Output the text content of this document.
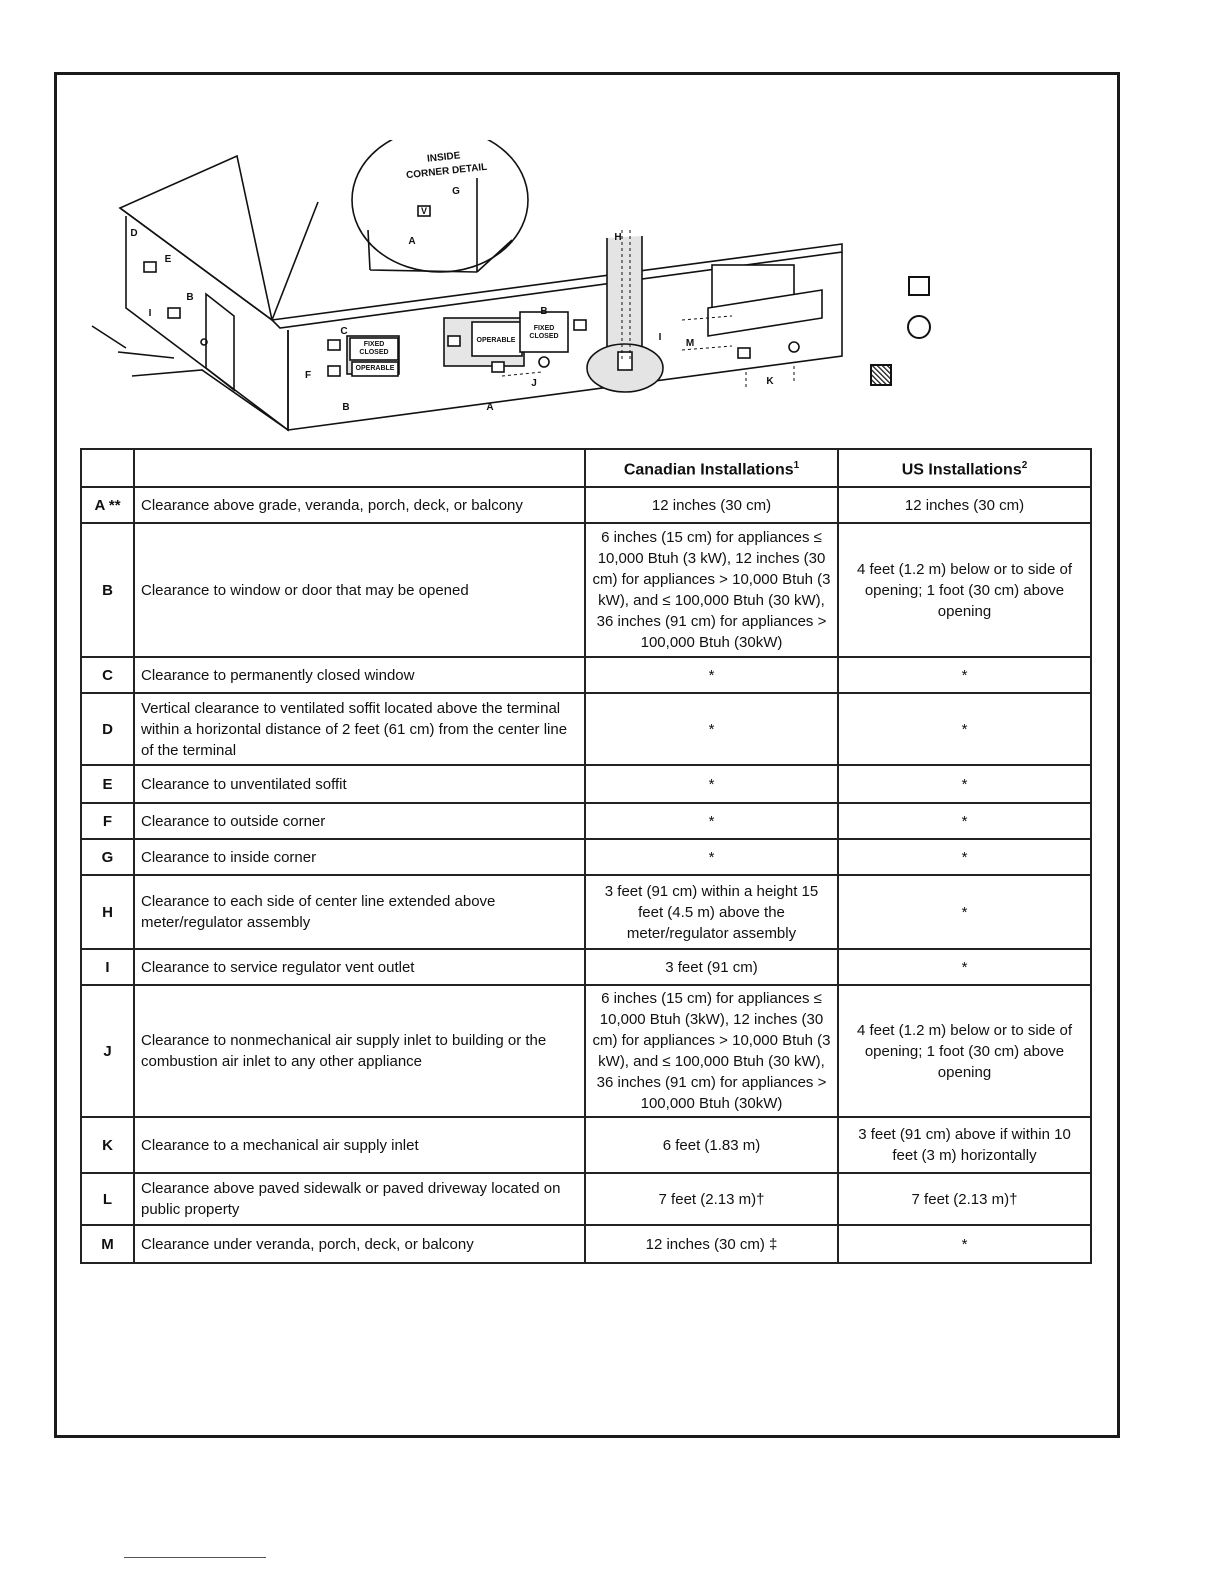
INSIDE
CORNER DETAIL
V
G
A
D
E
B
I
F
C
B	A
J
H
I
M
K
B
FIXED
CLOSED
OPERABLE
OPERABLE
FIXED
CLOSED
		Canadian Installations$^1$	US Installations$^2$
A **	Clearance above grade, veranda, porch, deck, or balcony	12 inches (30 cm)	12 inches (30 cm)
B	Clearance to window or door that may be opened	6 inches (15 cm) for appliances ≤ 10,000 Btuh (3 kW), 12 inches (30 cm) for appliances > 10,000 Btuh (3 kW), and ≤ 100,000 Btuh (30 kW), 36 inches (91 cm) for appliances > 100,000 Btuh (30kW)	4 feet (1.2 m) below or to side of opening; 1 foot (30 cm) above opening
C	Clearance to permanently closed window	*	*
D	Vertical clearance to ventilated soffit located above the terminal within a horizontal distance of 2 feet (61 cm) from the center line of the terminal	*	*
E	Clearance to unventilated soffit	*	*
F	Clearance to outside corner	*	*
G	Clearance to inside corner	*	*
H	Clearance to each side of center line extended above meter/regulator assembly	3 feet (91 cm) within a height 15 feet (4.5 m) above the meter/regulator assembly	*
I	Clearance to service regulator vent outlet	3 feet (91 cm)	*
J	Clearance to nonmechanical air supply inlet to building or the combustion air inlet to any other appliance	6 inches (15 cm) for appliances ≤ 10,000 Btuh (3kW), 12 inches (30 cm) for appliances > 10,000 Btuh (3 kW), and ≤ 100,000 Btuh (30 kW), 36 inches (91 cm) for appliances > 100,000 Btuh (30kW)	4 feet (1.2 m) below or to side of opening; 1 foot (30 cm) above opening
K	Clearance to a mechanical air supply inlet	6 feet (1.83 m)	3 feet (91 cm) above if within 10 feet (3 m) horizontally
L	Clearance above paved sidewalk or paved driveway located on public property	7 feet (2.13 m)†	7 feet (2.13 m)†
M	Clearance under veranda, porch, deck, or balcony	12 inches (30 cm) ‡	*
